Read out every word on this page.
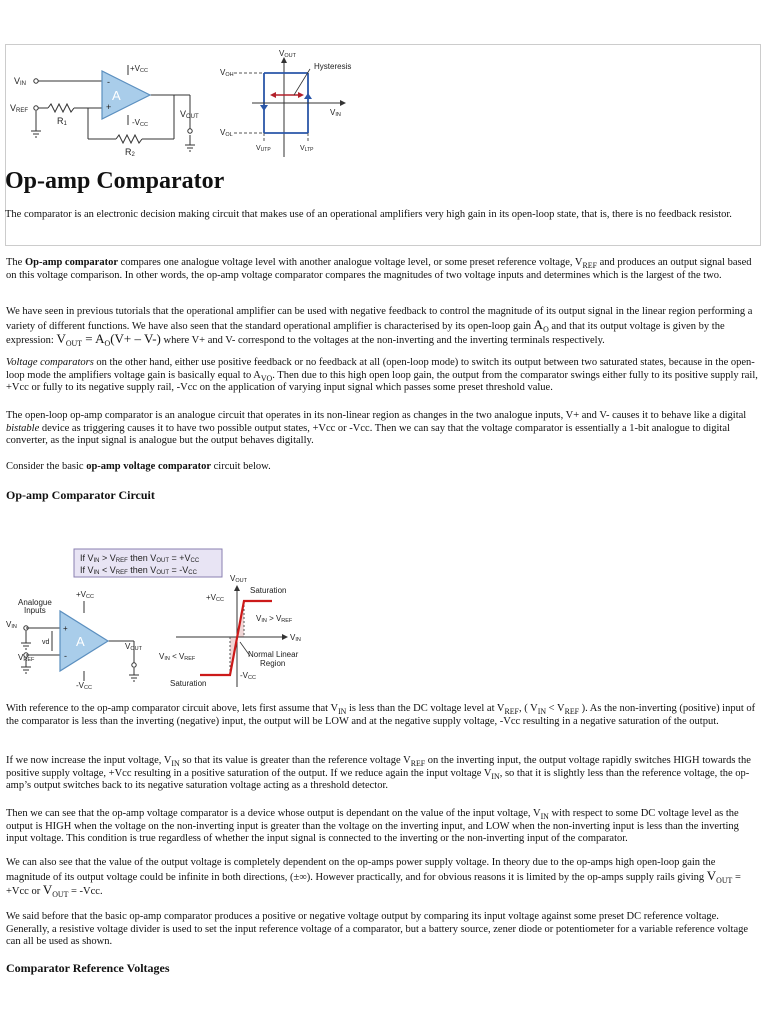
A
-
+
VIN
VREF
R1
R2
+VCC
-VCC
VOUT
VOUT
Hysteresis
VOH
VOL
VIN
VUTP	VLTP
Op-amp Comparator

The comparator is an electronic decision making circuit that makes use of an operational amplifiers very high gain in its open-loop state, that is, there is no feedback resistor.

The Op-amp comparator compares one analogue voltage level with another analogue voltage level, or some preset reference voltage, $V_{REF}$ and produces an output signal based on this voltage comparison. In other words, the op-amp voltage comparator compares the magnitudes of two voltage inputs and determines which is the largest of the two.

We have seen in previous tutorials that the operational amplifier can be used with negative feedback to control the magnitude of its output signal in the linear region performing a variety of different functions. We have also seen that the standard operational amplifier is characterised by its open-loop gain $A_O$ and that its output voltage is given by the expression: $V_{OUT} = A_O(V+ - V-)$ where V+ and V- correspond to the voltages at the non-inverting and the inverting terminals respectively.

Voltage comparators on the other hand, either use positive feedback or no feedback at all (open-loop mode) to switch its output between two saturated states, because in the open-loop mode the amplifiers voltage gain is basically equal to $A_{VO}$. Then due to this high open loop gain, the output from the comparator swings either fully to its positive supply rail, +Vcc or fully to its negative supply rail, -Vcc on the application of varying input signal which passes some preset threshold value.

The open-loop op-amp comparator is an analogue circuit that operates in its non-linear region as changes in the two analogue inputs, V+ and V- causes it to behave like a digital bistable device as triggering causes it to have two possible output states, +Vcc or -Vcc. Then we can say that the voltage comparator is essentially a 1-bit analogue to digital converter, as the input signal is analogue but the output behaves digitally.

Consider the basic op-amp voltage comparator circuit below.

Op-amp Comparator Circuit
If VIN > VREF then VOUT = +VCC
If VIN < VREF then VOUT = -VCC
A
+
-
vd
Analogue
Inputs
VIN
VREF
+VCC
-VCC
VOUT
VOUT
Saturation
+VCC
VIN > VREF
VIN
VIN < VREF	Normal Linear
Region
-VCC
Saturation

With reference to the op-amp comparator circuit above, lets first assume that $V_{IN}$ is less than the DC voltage level at $V_{REF}$, ( $V_{IN} < V_{REF}$ ). As the non-inverting (positive) input of the comparator is less than the inverting (negative) input, the output will be LOW and at the negative supply voltage, -Vcc resulting in a negative saturation of the output.

If we now increase the input voltage, $V_{IN}$ so that its value is greater than the reference voltage $V_{REF}$ on the inverting input, the output voltage rapidly switches HIGH towards the positive supply voltage, +Vcc resulting in a positive saturation of the output. If we reduce again the input voltage $V_{IN}$, so that it is slightly less than the reference voltage, the op-amp’s output switches back to its negative saturation voltage acting as a threshold detector.

Then we can see that the op-amp voltage comparator is a device whose output is dependant on the value of the input voltage, $V_{IN}$ with respect to some DC voltage level as the output is HIGH when the voltage on the non-inverting input is greater than the voltage on the inverting input, and LOW when the non-inverting input is less than the inverting input voltage. This condition is true regardless of whether the input signal is connected to the inverting or the non-inverting input of the comparator.

We can also see that the value of the output voltage is completely dependent on the op-amps power supply voltage. In theory due to the op-amps high open-loop gain the magnitude of its output voltage could be infinite in both directions, (±∞). However practically, and for obvious reasons it is limited by the op-amps supply rails giving $V_{OUT} = +Vcc$ or $V_{OUT} = -Vcc$.

We said before that the basic op-amp comparator produces a positive or negative voltage output by comparing its input voltage against some preset DC reference voltage. Generally, a resistive voltage divider is used to set the input reference voltage of a comparator, but a battery source, zener diode or potentiometer for a variable reference voltage can all be used as shown.

Comparator Reference Voltages
